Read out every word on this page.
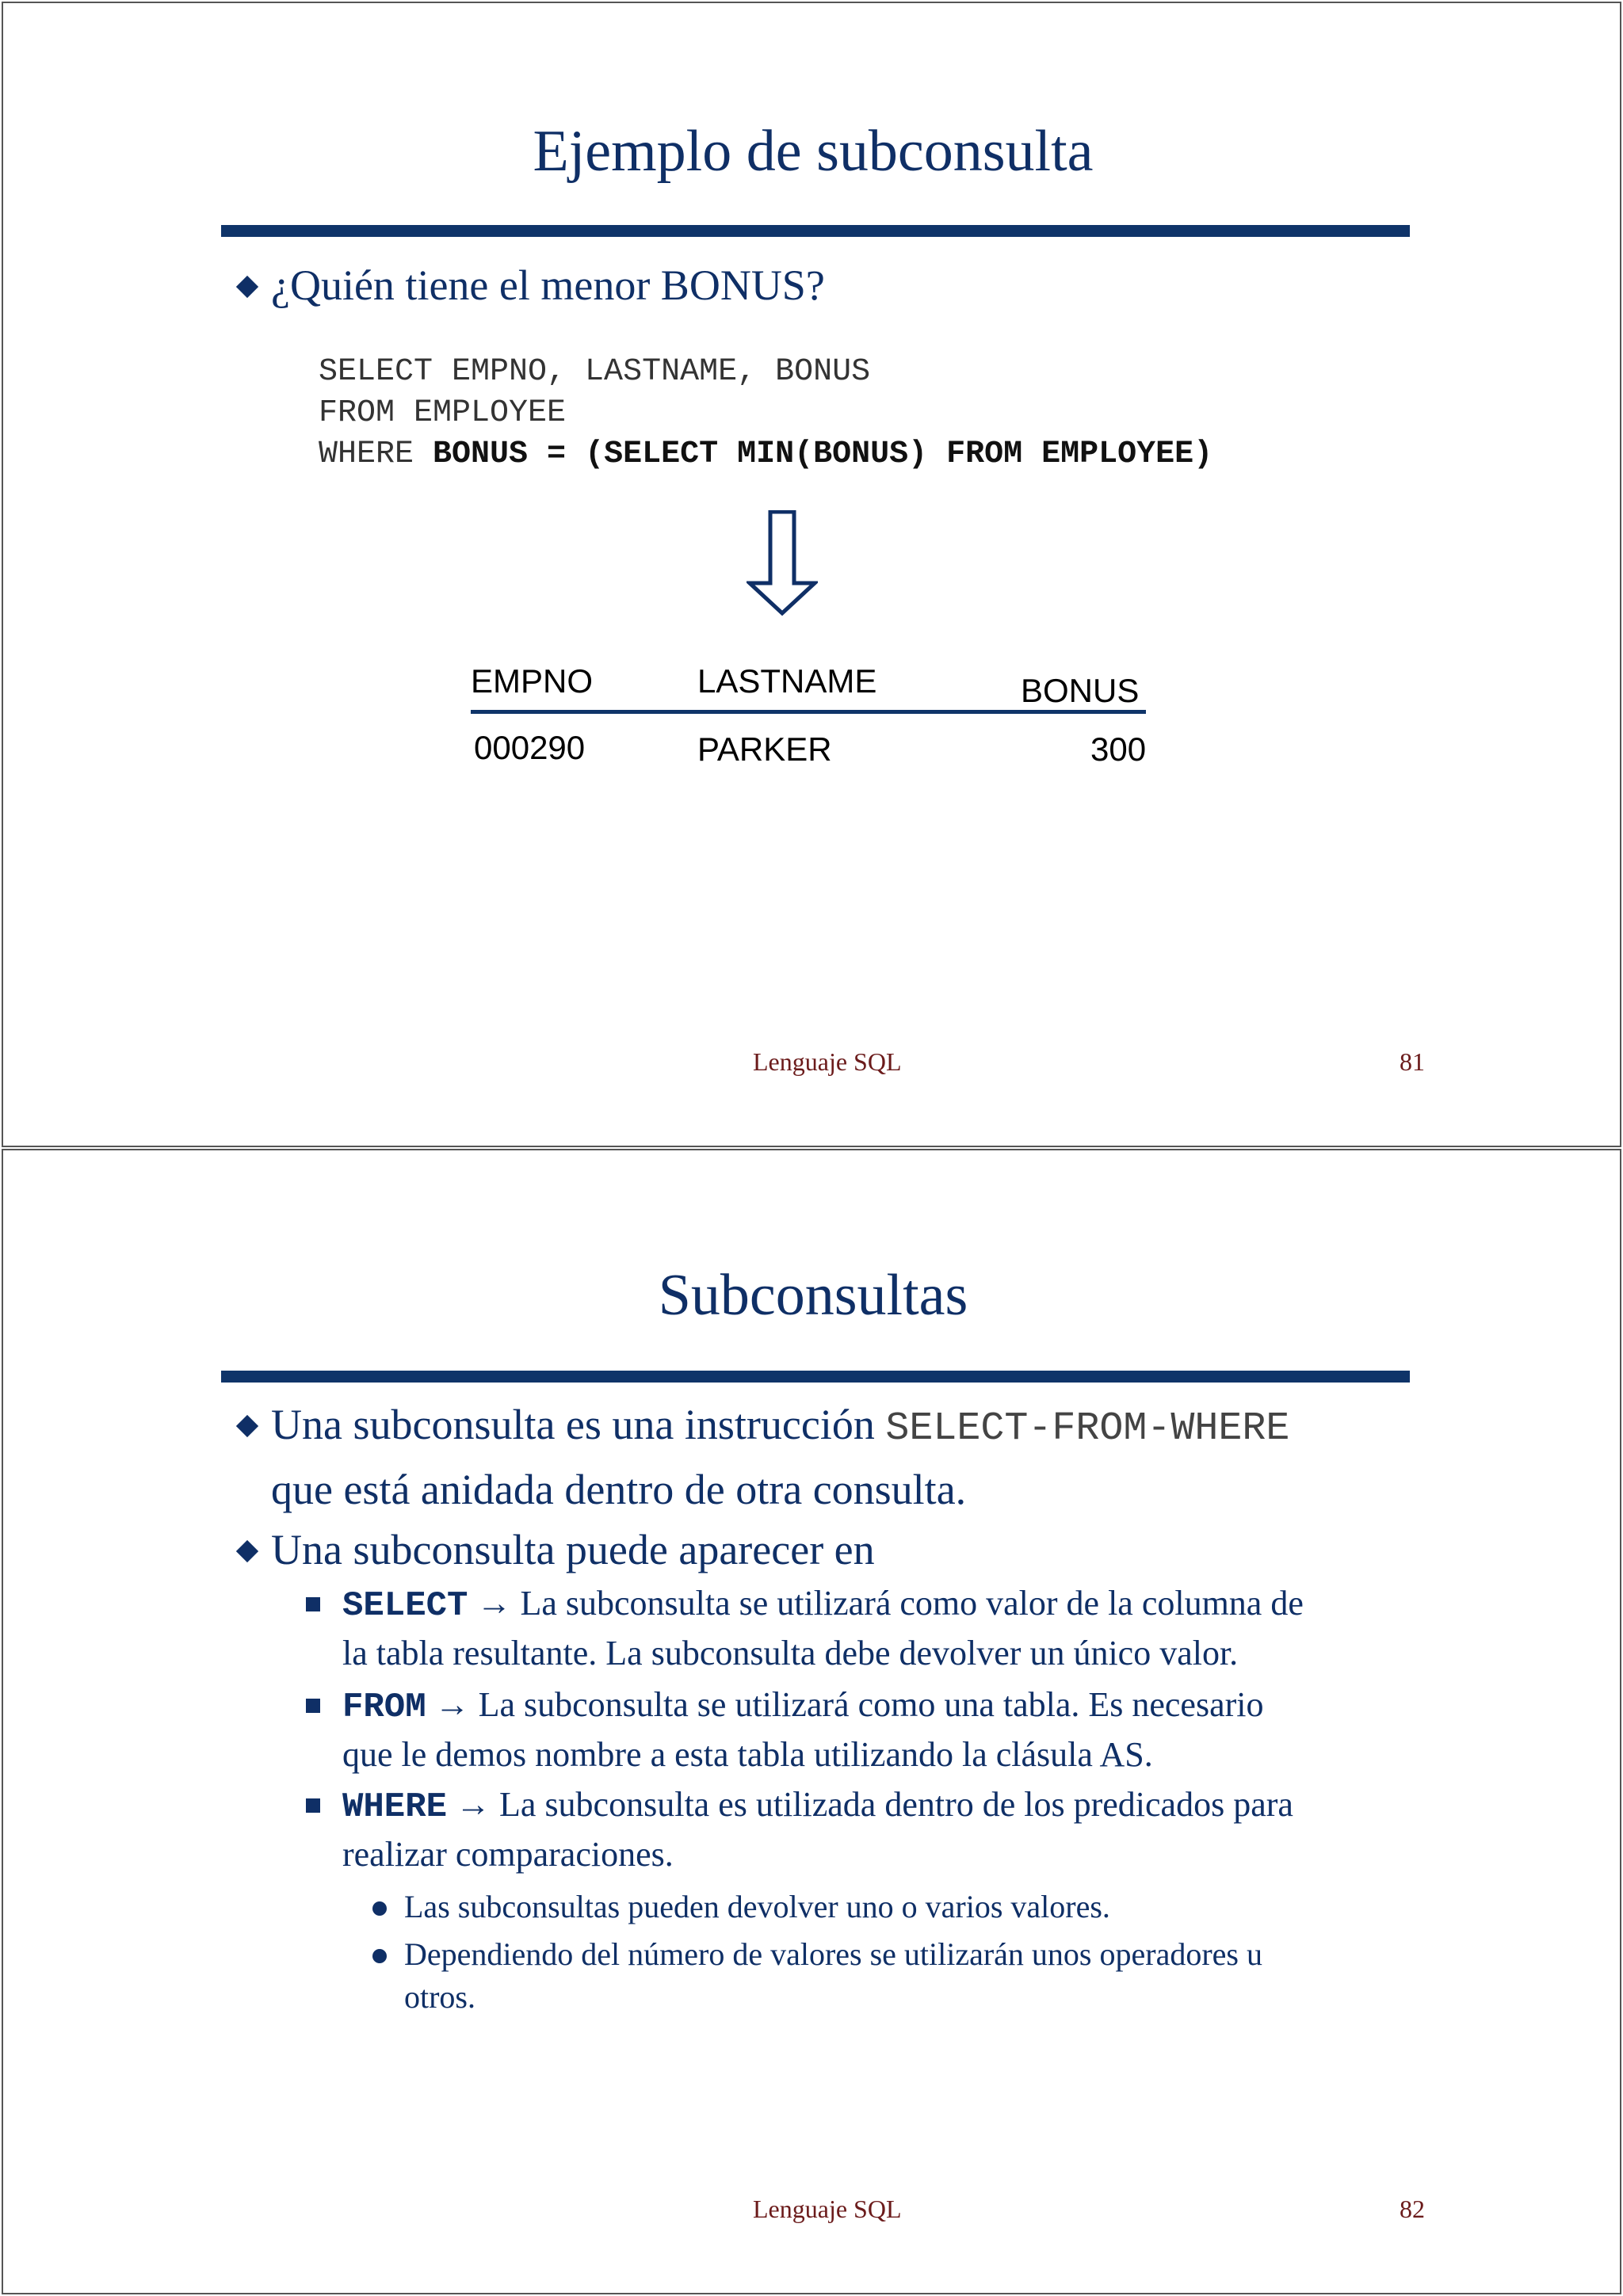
Ejemplo de subconsulta
¿Quién tiene el menor BONUS?
SELECT EMPNO, LASTNAME, BONUS
FROM EMPLOYEE
WHERE BONUS = (SELECT MIN(BONUS) FROM EMPLOYEE)
EMPNO	LASTNAME	BONUS
000290	PARKER	300
Lenguaje SQL	81
Subconsultas
Una subconsulta es una instrucción SELECT-FROM-WHERE
que está anidada dentro de otra consulta.
Una subconsulta puede aparecer en
SELECT → La subconsulta se utilizará como valor de la columna de
la tabla resultante. La subconsulta debe devolver un único valor.
FROM → La subconsulta se utilizará como una tabla. Es necesario
que le demos nombre a esta tabla utilizando la clásula AS.
WHERE → La subconsulta es utilizada dentro de los predicados para
realizar comparaciones.
Las subconsultas pueden devolver uno o varios valores.
Dependiendo del número de valores se utilizarán unos operadores u
otros.
Lenguaje SQL	82
